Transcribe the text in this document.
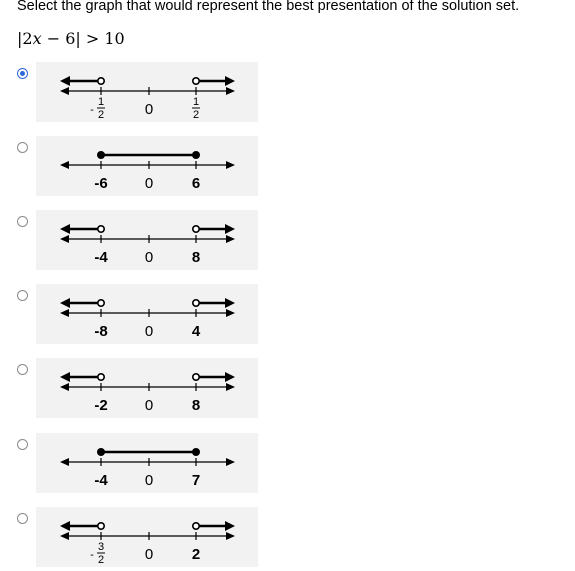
Select the graph that would represent the best presentation of the solution set.
|2x − 6| > 10
-
1
2	0	1
2
-6 0	6
-4 0	8
-8 0	4
-2 0	8
-4 0	7
-
3
2	0	2
